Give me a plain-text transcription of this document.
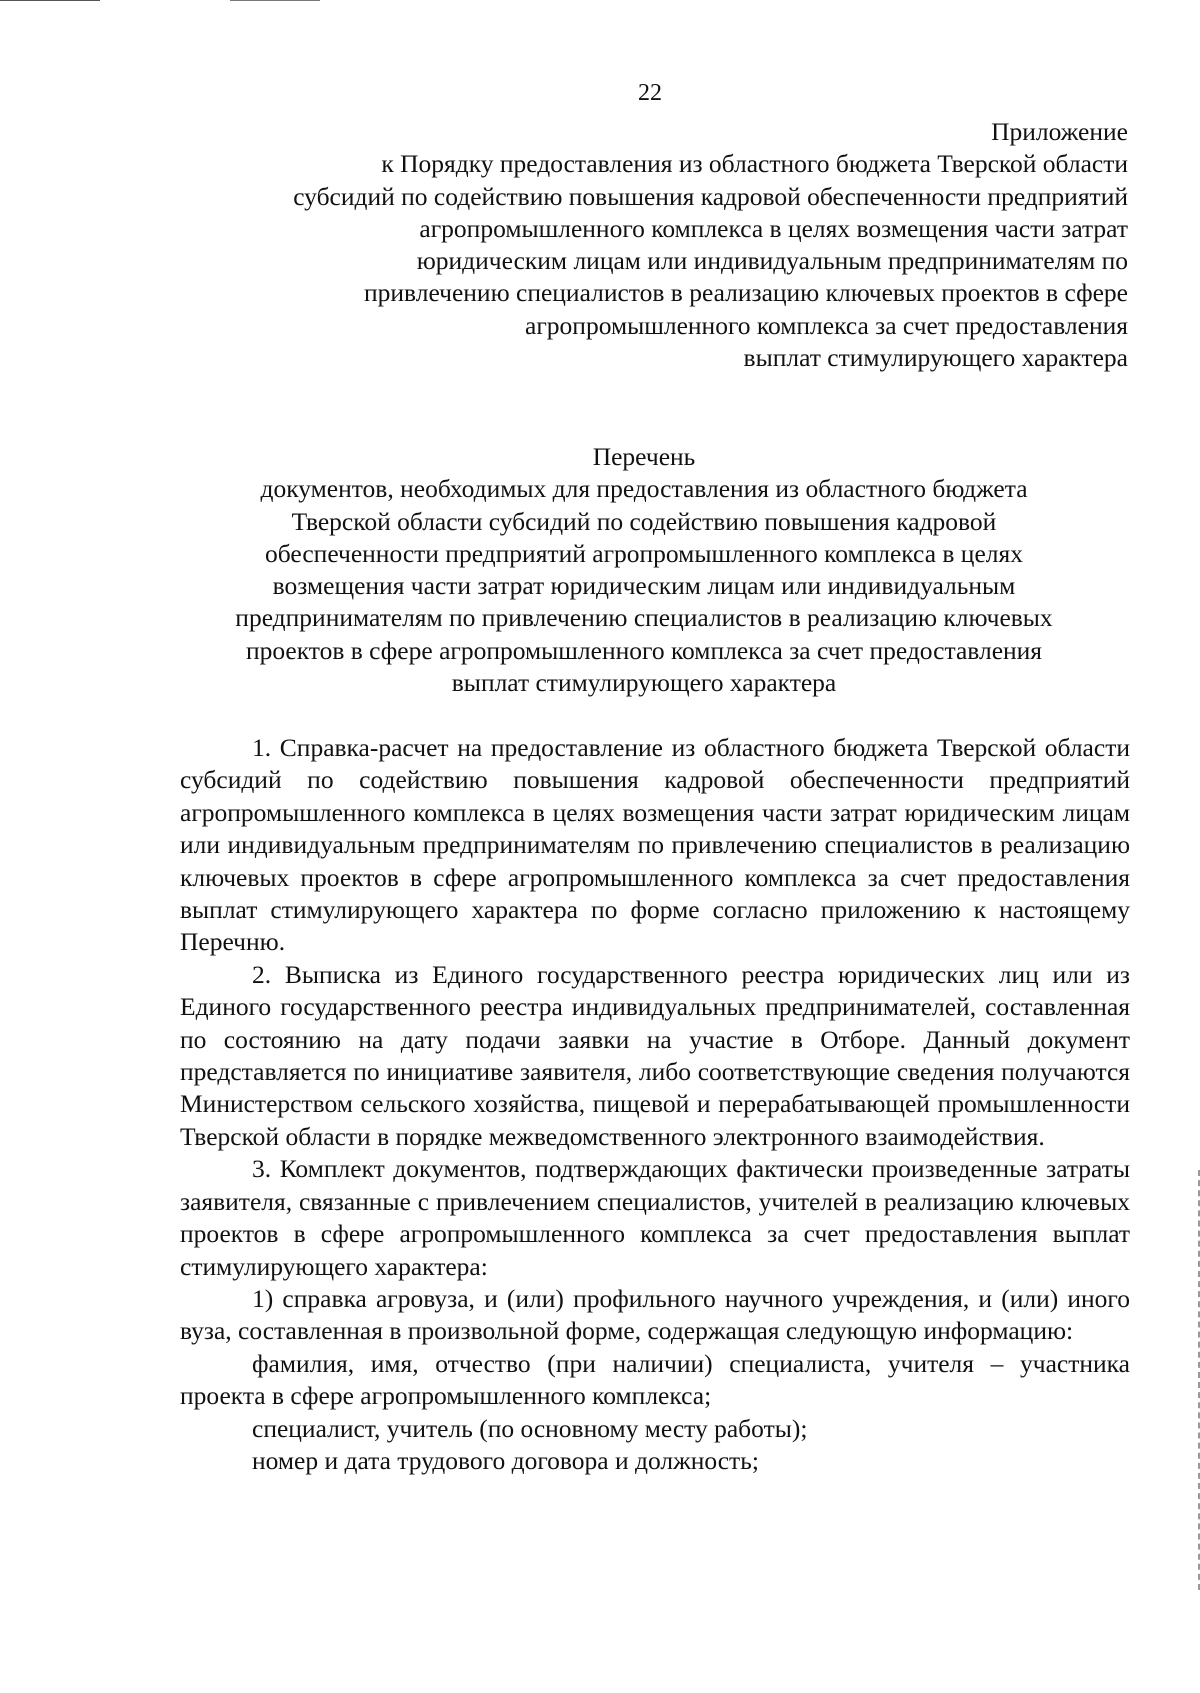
22
Приложение
к Порядку предоставления из областного бюджета Тверской области
субсидий по содействию повышения кадровой обеспеченности предприятий
агропромышленного комплекса в целях возмещения части затрат
юридическим лицам или индивидуальным предпринимателям по
привлечению специалистов в реализацию ключевых проектов в сфере
агропромышленного комплекса за счет предоставления
выплат стимулирующего характера
Перечень
документов, необходимых для предоставления из областного бюджета
Тверской области субсидий по содействию повышения кадровой
обеспеченности предприятий агропромышленного комплекса в целях
возмещения части затрат юридическим лицам или индивидуальным
предпринимателям по привлечению специалистов в реализацию ключевых
проектов в сфере агропромышленного комплекса за счет предоставления
выплат стимулирующего характера

1. Справка-расчет на предоставление из областного бюджета Тверской области субсидий по содействию повышения кадровой обеспеченности предприятий агропромышленного комплекса в целях возмещения части затрат юридическим лицам или индивидуальным предпринимателям по привлечению специалистов в реализацию ключевых проектов в сфере агропромышленного комплекса за счет предоставления выплат стимулирующего характера по форме согласно приложению к настоящему Перечню.

2. Выписка из Единого государственного реестра юридических лиц или из Единого государственного реестра индивидуальных предпринимателей, составленная по состоянию на дату подачи заявки на участие в Отборе. Данный документ представляется по инициативе заявителя, либо соответствующие сведения получаются Министерством сельского хозяйства, пищевой и перерабатывающей промышленности Тверской области в порядке межведомственного электронного взаимодействия.

3. Комплект документов, подтверждающих фактически произведенные затраты заявителя, связанные с привлечением специалистов, учителей в реализацию ключевых проектов в сфере агропромышленного комплекса за счет предоставления выплат стимулирующего характера:

1) справка агровуза, и (или) профильного научного учреждения, и (или) иного вуза, составленная в произвольной форме, содержащая следующую информацию:

фамилия, имя, отчество (при наличии) специалиста, учителя – участника проекта в сфере агропромышленного комплекса;

специалист, учитель (по основному месту работы);

номер и дата трудового договора и должность;
